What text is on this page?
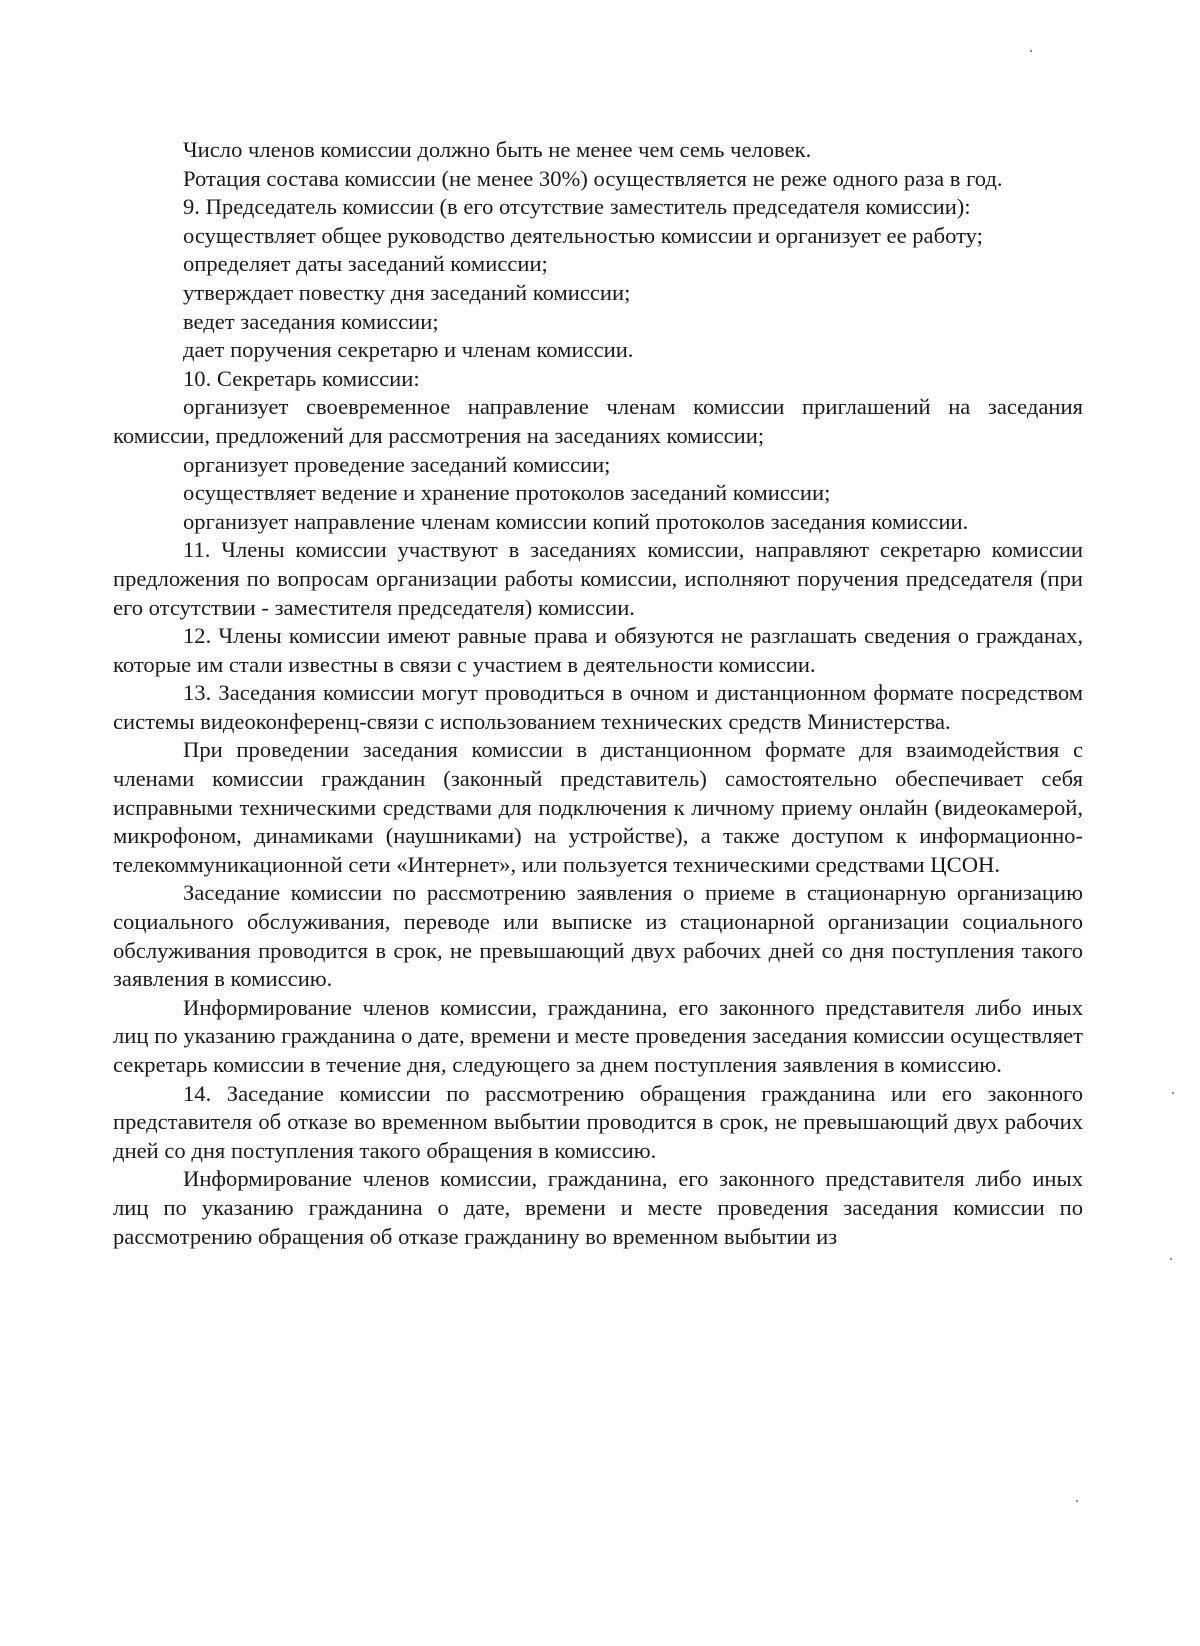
Число членов комиссии должно быть не менее чем семь человек.

Ротация состава комиссии (не менее 30%) осуществляется не реже одного раза в год.

9. Председатель комиссии (в его отсутствие заместитель председателя комиссии):

осуществляет общее руководство деятельностью комиссии и организует ее работу;

определяет даты заседаний комиссии;

утверждает повестку дня заседаний комиссии;

ведет заседания комиссии;

дает поручения секретарю и членам комиссии.

10. Секретарь комиссии:

организует своевременное направление членам комиссии приглашений на заседания комиссии, предложений для рассмотрения на заседаниях комиссии;

организует проведение заседаний комиссии;

осуществляет ведение и хранение протоколов заседаний комиссии;

организует направление членам комиссии копий протоколов заседания комиссии.

11. Члены комиссии участвуют в заседаниях комиссии, направляют секретарю комиссии предложения по вопросам организации работы комиссии, исполняют поручения председателя (при его отсутствии - заместителя председателя) комиссии.

12. Члены комиссии имеют равные права и обязуются не разглашать сведения о гражданах, которые им стали известны в связи с участием в деятельности комиссии.

13. Заседания комиссии могут проводиться в очном и дистанционном формате посредством системы видеоконференц-связи с использованием технических средств Министерства.

При проведении заседания комиссии в дистанционном формате для взаимодействия с членами комиссии гражданин (законный представитель) самостоятельно обеспечивает себя исправными техническими средствами для подключения к личному приему онлайн (видеокамерой, микрофоном, динамиками (наушниками) на устройстве), а также доступом к информационно-телекоммуникационной сети «Интернет», или пользуется техническими средствами ЦСОН.

Заседание комиссии по рассмотрению заявления о приеме в стационарную организацию социального обслуживания, переводе или выписке из стационарной организации социального обслуживания проводится в срок, не превышающий двух рабочих дней со дня поступления такого заявления в комиссию.

Информирование членов комиссии, гражданина, его законного представителя либо иных лиц по указанию гражданина о дате, времени и месте проведения заседания комиссии осуществляет секретарь комиссии в течение дня, следующего за днем поступления заявления в комиссию.

14. Заседание комиссии по рассмотрению обращения гражданина или его законного представителя об отказе во временном выбытии проводится в срок, не превышающий двух рабочих дней со дня поступления такого обращения в комиссию.

Информирование членов комиссии, гражданина, его законного представителя либо иных лиц по указанию гражданина о дате, времени и месте проведения заседания комиссии по рассмотрению обращения об отказе гражданину во временном выбытии из
